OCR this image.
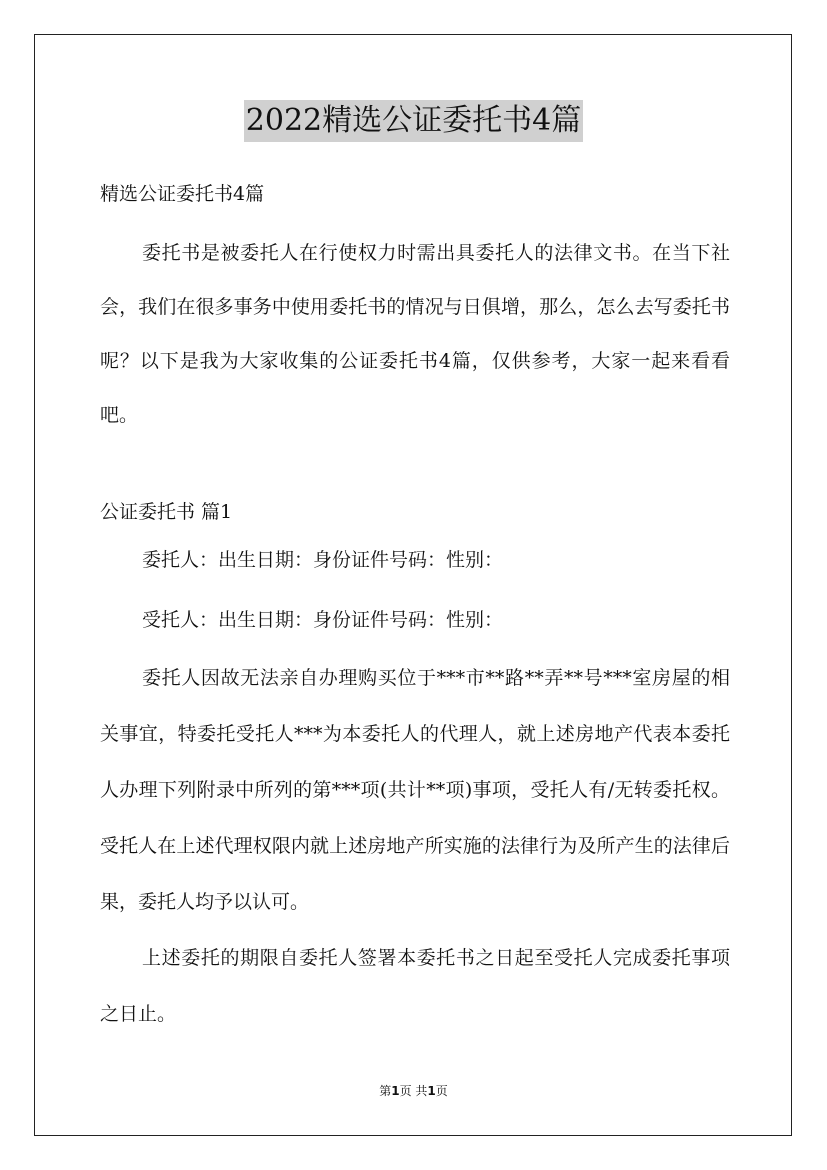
2022精选公证委托书4篇

精选公证委托书4篇

委托书是被委托人在行使权力时需出具委托人的法律文书。在当下社会，我们在很多事务中使用委托书的情况与日俱增，那么，怎么去写委托书呢？以下是我为大家收集的公证委托书4篇，仅供参考，大家一起来看看吧。

公证委托书 篇1

委托人：出生日期：身份证件号码：性别：

受托人：出生日期：身份证件号码：性别：

委托人因故无法亲自办理购买位于***市**路**弄**号***室房屋的相关事宜，特委托受托人***为本委托人的代理人，就上述房地产代表本委托人办理下列附录中所列的第***项(共计**项)事项，受托人有/无转委托权。受托人在上述代理权限内就上述房地产所实施的法律行为及所产生的法律后果，委托人均予以认可。

上述委托的期限自委托人签署本委托书之日起至受托人完成委托事项之日止。

第1页 共1页
